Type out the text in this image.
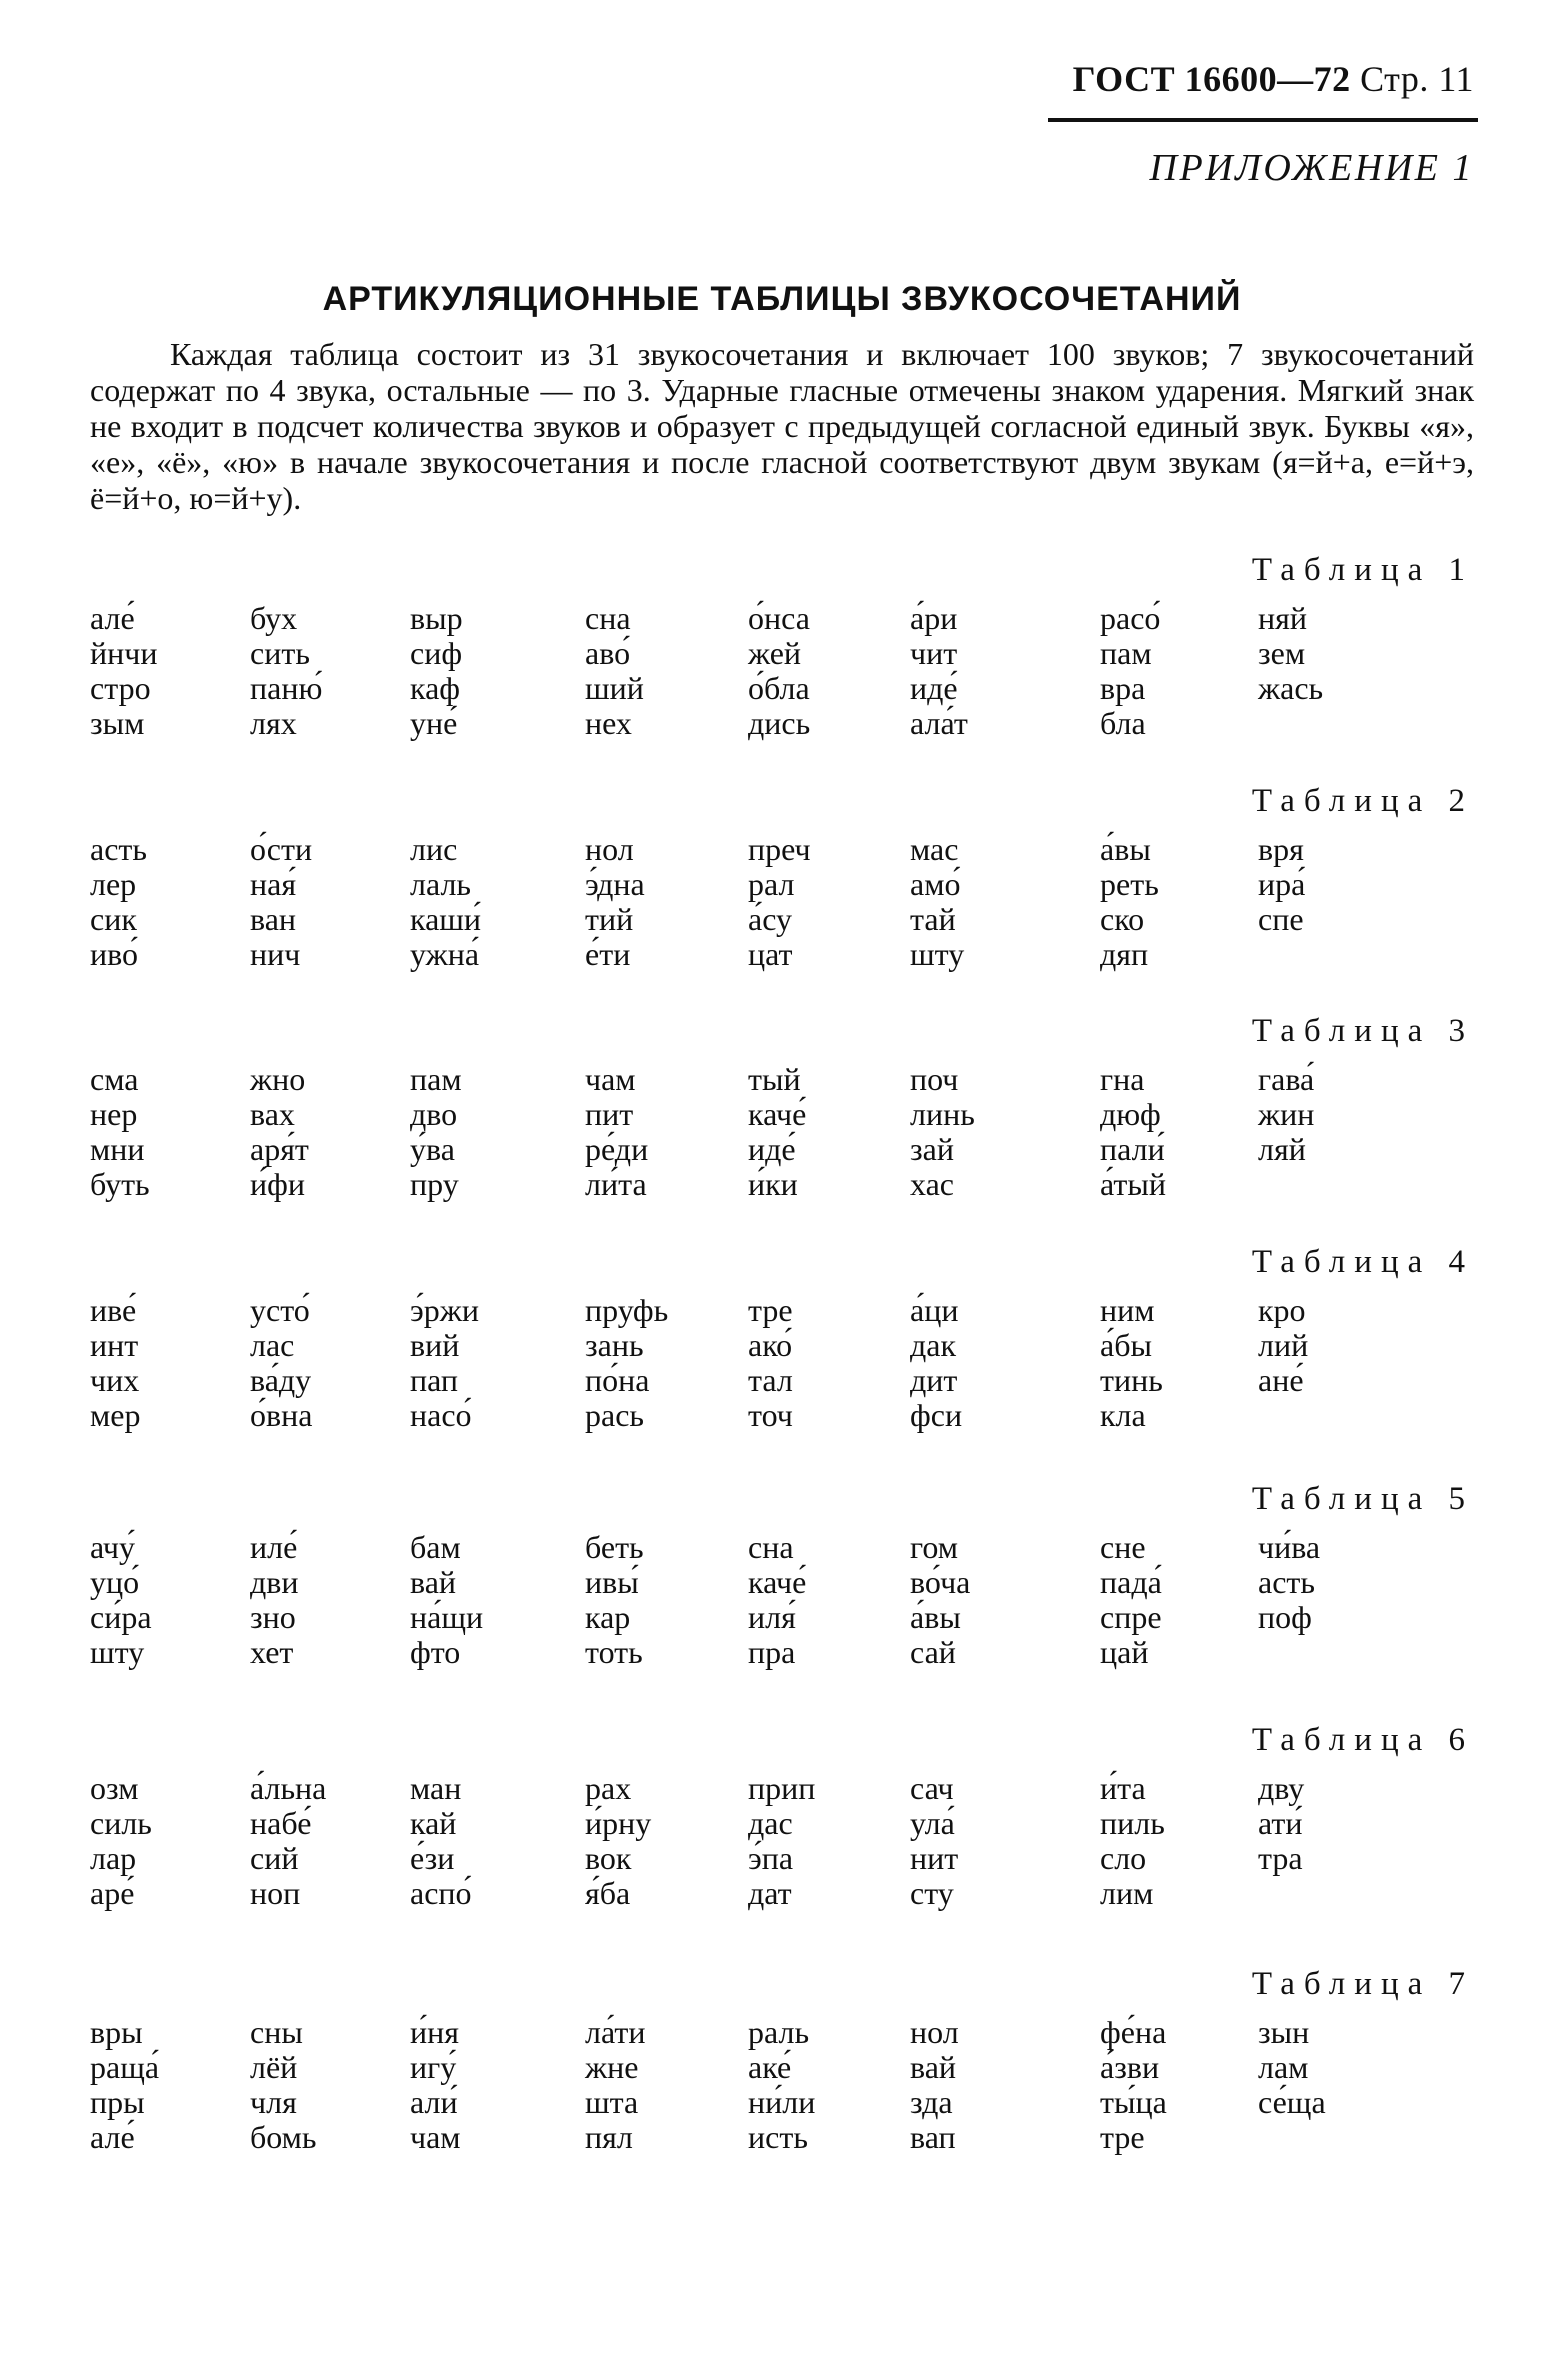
ГОСТ 16600—72 Стр. 11
ПРИЛОЖЕНИЕ 1
АРТИКУЛЯЦИОННЫЕ ТАБЛИЦЫ ЗВУКОСОЧЕТАНИЙ
Каждая таблица состоит из 31 звукосочетания и включает 100 звуков; 7 звукосочетаний содержат по 4 звука, остальные — по 3. Ударные гласные отмечены знаком ударения. Мягкий знак не входит в подсчет количества звуков и образует с предыдущей согласной единый звук. Буквы «я», «е», «ё», «ю» в начале звукосочетания и после гласной соответствуют двум звукам (я=й+а, е=й+э, ё=й+о, ю=й+у).
Таблица 1
але́
йнчи
стро
зым
бух
сить
паню́
лях
выр
сиф
каф
уне́
сна
аво́
ший
нех
о́нса
жей
о́бла
дись
а́ри
чит
иде́
ала́т
расо́
пам
вра
бла
няй
зем
жась
Таблица 2
асть
лер
сик
иво́
о́сти
ная́
ван
нич
лис
лаль
каши́
ужна́
нол
э́дна
тий
е́ти
преч
рал
а́су
цат
мас
амо́
тай
шту
а́вы
реть
ско
дяп
вря
ира́
спе
Таблица 3
сма
нер
мни
буть
жно
вах
аря́т
и́фи
пам
дво
у́ва
пру
чам
пит
ре́ди
ли́та
тый
каче́
иде́
и́ки
поч
линь
зай
хас
гна
дюф
пали́
а́тый
гава́
жин
ляй
Таблица 4
иве́
инт
чих
мер
усто́
лас
ва́ду
о́вна
э́ржи
вий
пап
насо́
пруфь
зань
по́на
рась
тре
ако́
тал
точ
а́ци
дак
дит
фси
ним
а́бы
тинь
кла
кро
лий
ане́
Таблица 5
ачу́
уцо́
си́ра
шту
иле́
дви
зно
хет
бам
вай
на́щи
фто
беть
ивы́
кар
тоть
сна
каче́
иля́
пра
гом
во́ча
а́вы
сай
сне
пада́
спре
цай
чи́ва
асть
поф
Таблица 6
озм
силь
лар
аре́
а́льна
набе́
сий
ноп
ман
кай
е́зи
аспо́
рах
и́рну
вок
я́ба
прип
дас
э́па
дат
сач
ула́
нит
сту
и́та
пиль
сло
лим
дву
ати́
тра
Таблица 7
вры
раща́
пры
але́
сны
лёй
чля
бомь
и́ня
игу́
али́
чам
ла́ти
жне
шта
пял
раль
аке́
ни́ли
исть
нол
вай
зда
вап
фе́на
а́зви
ты́ца
тре
зын
лам
се́ща
